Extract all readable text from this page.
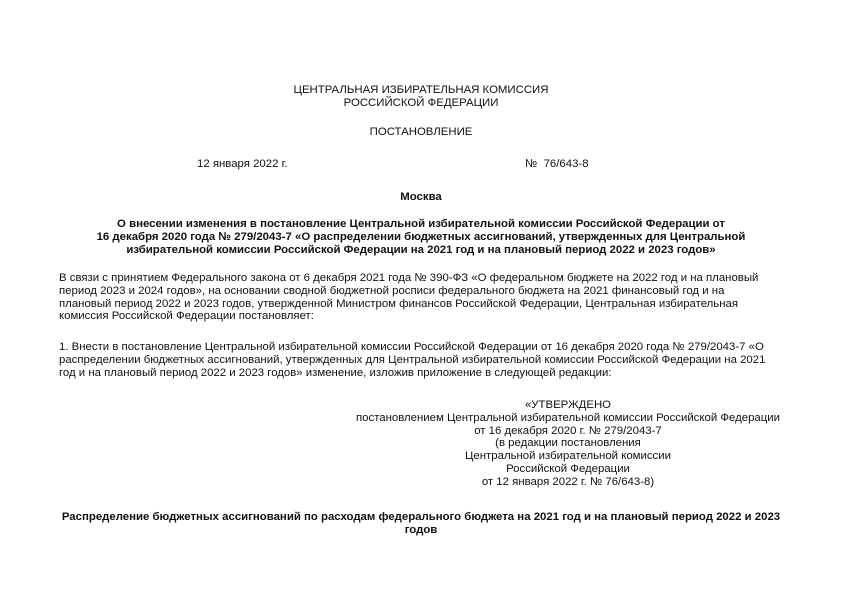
ЦЕНТРАЛЬНАЯ ИЗБИРАТЕЛЬНАЯ КОМИССИЯ
РОССИЙСКОЙ ФЕДЕРАЦИИ
ПОСТАНОВЛЕНИЕ
12 января 2022 г.	№ 76/643-8
Москва
О внесении изменения в постановление Центральной избирательной комиссии Российской Федерации от
16 декабря 2020 года № 279/2043-7 «О распределении бюджетных ассигнований, утвержденных для Центральной
избирательной комиссии Российской Федерации на 2021 год и на плановый период 2022 и 2023 годов»
В связи с принятием Федерального закона от 6 декабря 2021 года № 390-ФЗ «О федеральном бюджете на 2022 год и на плановый
период 2023 и 2024 годов», на основании сводной бюджетной росписи федерального бюджета на 2021 финансовый год и на
плановый период 2022 и 2023 годов, утвержденной Министром финансов Российской Федерации, Центральная избирательная
комиссия Российской Федерации постановляет:
1. Внести в постановление Центральной избирательной комиссии Российской Федерации от 16 декабря 2020 года № 279/2043-7 «О
распределении бюджетных ассигнований, утвержденных для Центральной избирательной комиссии Российской Федерации на 2021
год и на плановый период 2022 и 2023 годов» изменение, изложив приложение в следующей редакции:
«УТВЕРЖДЕНО
постановлением Центральной избирательной комиссии Российской Федерации
от 16 декабря 2020 г. № 279/2043-7
(в редакции постановления
Центральной избирательной комиссии
Российской Федерации
от 12 января 2022 г. № 76/643-8)
Распределение бюджетных ассигнований по расходам федерального бюджета на 2021 год и на плановый период 2022 и 2023
годов
